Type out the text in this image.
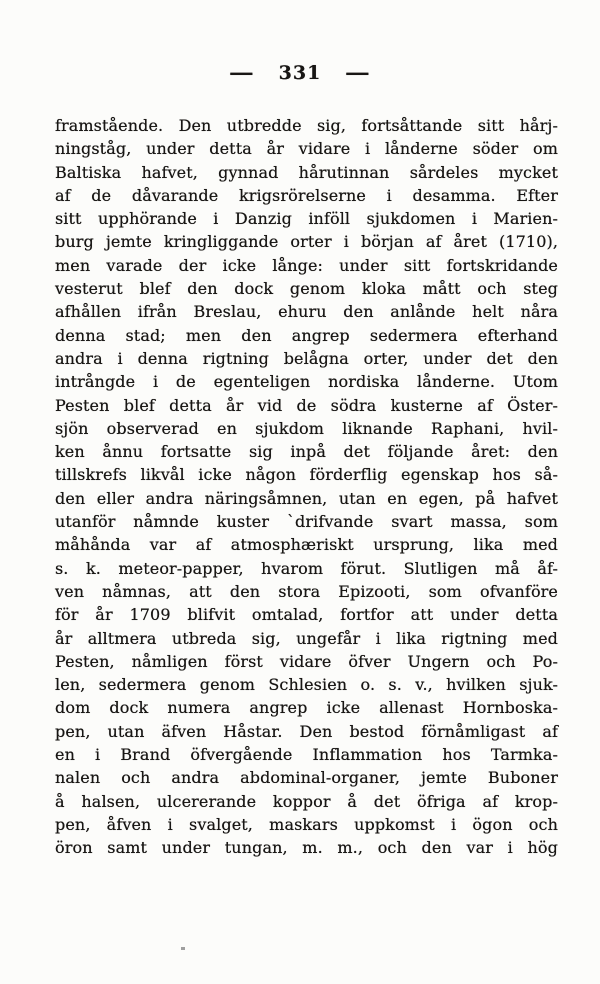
— 331 —
framstående. Den utbredde sig, fortsåttande sitt hårj-
ningståg, under detta år vidare i lånderne söder om
Baltiska hafvet, gynnad hårutinnan sårdeles mycket
af de dåvarande krigsrörelserne i desamma. Efter
sitt upphörande i Danzig inföll sjukdomen i Marien-
burg jemte kringliggande orter i början af året (1710),
men varade der icke långe: under sitt fortskridande
vesterut blef den dock genom kloka mått och steg
afhållen ifrån Breslau, ehuru den anlånde helt nåra
denna stad; men den angrep sedermera efterhand
andra i denna rigtning belågna orter, under det den
intrångde i de egenteligen nordiska lånderne. Utom
Pesten blef detta år vid de södra kusterne af Öster-
sjön observerad en sjukdom liknande Raphani, hvil-
ken ånnu fortsatte sig inpå det följande året: den
tillskrefs likvål icke någon förderflig egenskap hos så-
den eller andra näringsåmnen, utan en egen, på hafvet
utanför nåmnde kuster `drifvande svart massa, som
måhånda var af atmosphæriskt ursprung, lika med
s. k. meteor-papper, hvarom förut. Slutligen må åf-
ven nåmnas, att den stora Epizooti, som ofvanföre
för år 1709 blifvit omtalad, fortfor att under detta
år alltmera utbreda sig, ungefår i lika rigtning med
Pesten, nåmligen först vidare öfver Ungern och Po-
len, sedermera genom Schlesien o. s. v., hvilken sjuk-
dom dock numera angrep icke allenast Hornboska-
pen, utan äfven Håstar. Den bestod förnåmligast af
en i Brand öfvergående Inflammation hos Tarmka-
nalen och andra abdominal-organer, jemte Buboner
å halsen, ulcererande koppor å det öfriga af krop-
pen, åfven i svalget, maskars uppkomst i ögon och
öron samt under tungan, m. m., och den var i hög
